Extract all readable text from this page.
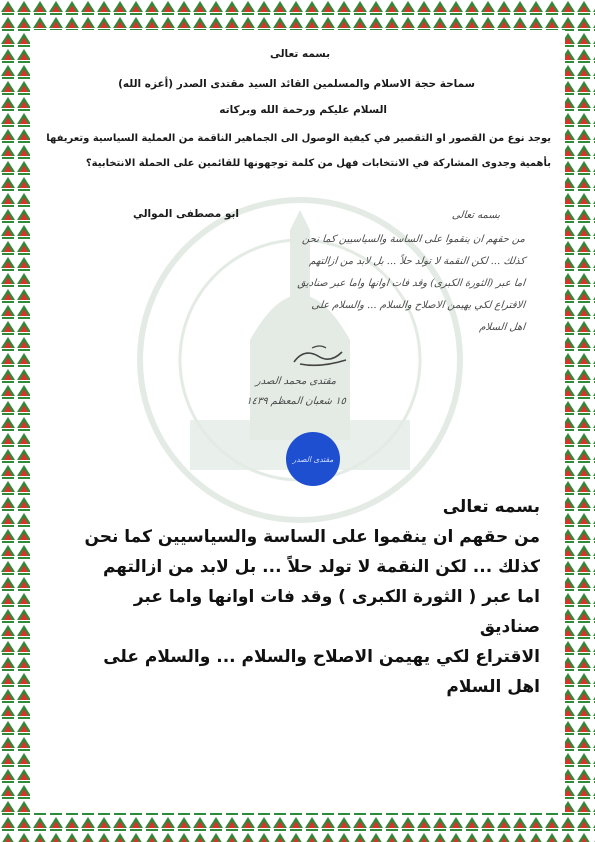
بسمه تعالى
سماحة حجة الاسلام والمسلمين القائد السيد مقتدى الصدر (أعزه الله)
السلام عليكم ورحمة الله وبركاته
يوجد نوع من القصور او التقصير في كيفية الوصول الى الجماهير الناقمة من العملية السياسية وتعريفها
بأهمية وجدوى المشاركة في الانتخابات فهل من كلمة توجهونها للقائمين على الحملة الانتخابية؟
ابو مصطفى الموالي	بسمه تعالى
من حقهم ان ينقموا على الساسة والسياسيين كما نحن
كذلك ... لكن النقمة لا تولد حلاً ... بل لابد من ازالتهم
اما عبر (الثورة الكبرى) وقد فات اوانها واما عبر صناديق
الاقتراع لكي يهيمن الاصلاح والسلام ... والسلام على
اهل السلام
مقتدى محمد الصدر
١٥ شعبان المعظم ١٤٣٩
مقتدى الصدر
بسمه تعالى
من حقهم ان ينقموا على الساسة والسياسيين كما نحن
كذلك ... لكن النقمة لا تولد حلاً ... بل لابد من ازالتهم
اما عبر ( الثورة الكبرى ) وقد فات اوانها واما عبر صناديق
الاقتراع لكي يهيمن الاصلاح والسلام ... والسلام على
اهل السلام
